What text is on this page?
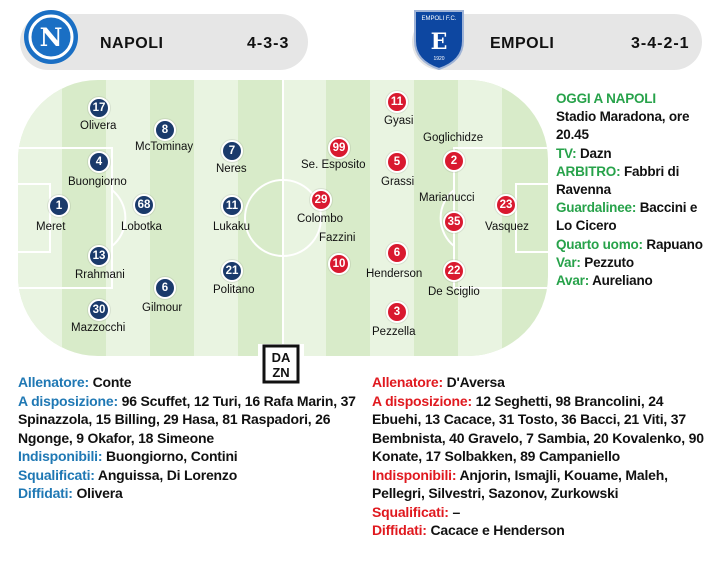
N NAPOLI	4-3-3
EMPOLI F.C.
E
1920
EMPOLI	3-4-2-1
1
Meret
17
Olivera
4
Buongiorno
13
Rrahmani
30
Mazzocchi
8
McTominay
68
Lobotka
6
Gilmour
7
Neres
11
Lukaku
21
Politano
23
Vasquez
2
Goglichidze
35
Marianucci
22
De Sciglio
11
Gyasi
5
Grassi
6
Henderson
3
Pezzella
99
Se. Esposito
10
Fazzini
29
Colombo
DA
ZN
OGGI A NAPOLI
Stadio Maradona, ore 20.45
TV: Dazn
ARBITRO: Fabbri di Ravenna
Guardalinee: Baccini e Lo Cicero
Quarto uomo: Rapuano
Var: Pezzuto
Avar: Aureliano
Allenatore: Conte
A disposizione: 96 Scuffet, 12 Turi, 16 Rafa Marin, 37 Spinazzola, 15 Billing, 29 Hasa, 81 Raspadori, 26 Ngonge, 9 Okafor, 18 Simeone
Indisponibili: Buongiorno, Contini
Squalificati: Anguissa, Di Lorenzo
Diffidati: Olivera
Allenatore: D'Aversa
A disposizione: 12 Seghetti, 98 Brancolini, 24 Ebuehi, 13 Cacace, 31 Tosto, 36 Bacci, 21 Viti, 37 Bembnista, 40 Gravelo, 7 Sambia, 20 Kovalenko, 90 Konate, 17 Solbakken, 89 Campaniello
Indisponibili: Anjorin, Ismajli, Kouame, Maleh, Pellegri, Silvestri, Sazonov, Zurkowski
Squalificati: –
Diffidati: Cacace e Henderson
